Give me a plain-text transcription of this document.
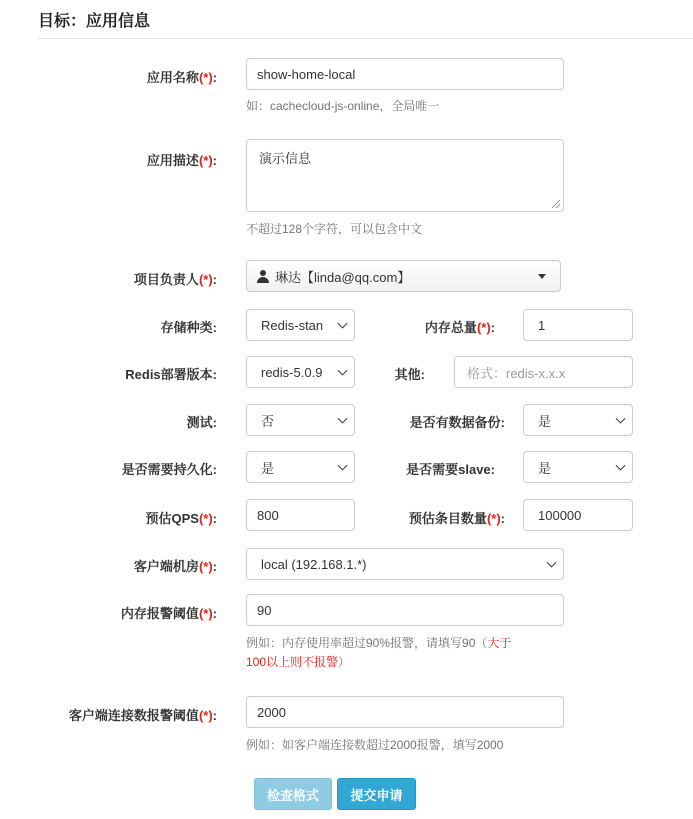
目标：应用信息
应用名称(*):	show-home-local
如：cachecloud-js-online，全局唯一
应用描述(*):	演示信息
不超过128个字符，可以包含中文
项目负责人(*):	琳达【linda@qq.com】
存储种类:	Redis-stan	内存总量(*):	1
Redis部署版本:	redis-5.0.9	其他:	格式：redis-x.x.x
测试:	否	是否有数据备份:	是
是否需要持久化:	是	是否需要slave:	是
预估QPS(*):	800	预估条目数量(*):	100000
客户端机房(*):	local (192.168.1.*)
内存报警阈值(*):	90
例如：内存使用率超过90%报警，请填写90（大于
100以上则不报警）
客户端连接数报警阈值(*):	2000
例如：如客户端连接数超过2000报警，填写2000
检查格式	提交申请
